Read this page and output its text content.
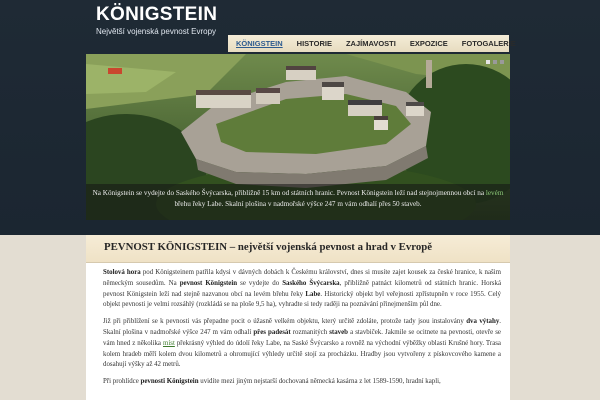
KÖNIGSTEIN
Největší vojenská pevnost Evropy
KÖNIGSTEIN	HISTORIE	ZAJÍMAVOSTI	EXPOZICE	FOTOGALERIE
Na Königstein se vydejte do Saského Švýcarska, přibližně 15 km od státních hranic. Pevnost Königstein leží nad stejnojmennou obcí na levém břehu řeky Labe. Skalní plošina v nadmořské výšce 247 m vám odhalí přes 50 staveb.
PEVNOST KÖNIGSTEIN – největší vojenská pevnost a hrad v Evropě

Stolová hora pod Königsteinem patřila kdysi v dávných dobách k Českému království, dnes si musíte zajet kousek za české hranice, k našim německým sousedům. Na pevnost Königstein se vydejte do Saského Švýcarska, přibližně patnáct kilometrů od státních hranic. Horská pevnost Königstein leží nad stejně nazvanou obcí na levém břehu řeky Labe. Historický objekt byl veřejnosti zpřístupněn v roce 1955. Celý objekt pevnosti je velmi rozsáhlý (rozkládá se na ploše 9,5 ha), vyhradte si tedy raději na poznávání přinejmenším půl dne.

Již při přiblížení se k pevnosti vás přepadne pocit o úžasně velkém objektu, který určitě zdoláte, protože tady jsou instalovány dva výtahy. Skalní plošina v nadmořské výšce 247 m vám odhalí přes padesát rozmanitých staveb a stavbiček. Jakmile se ocitnete na pevnosti, otevře se vám hned z několika míst překrásný výhled do údolí řeky Labe, na Saské Švýcarsko a rovněž na východní výběžky oblasti Krušné hory. Trasa kolem hradeb měří kolem dvou kilometrů a ohromující výhledy určitě stojí za procházku. Hradby jsou vytvořeny z pískovcového kamene a dosahují výšky až 42 metrů.

Při prohlídce pevnosti Königstein uvidíte mezi jiným nejstarší dochovaná německá kasárna z let 1589-1590, hradní kapli,
